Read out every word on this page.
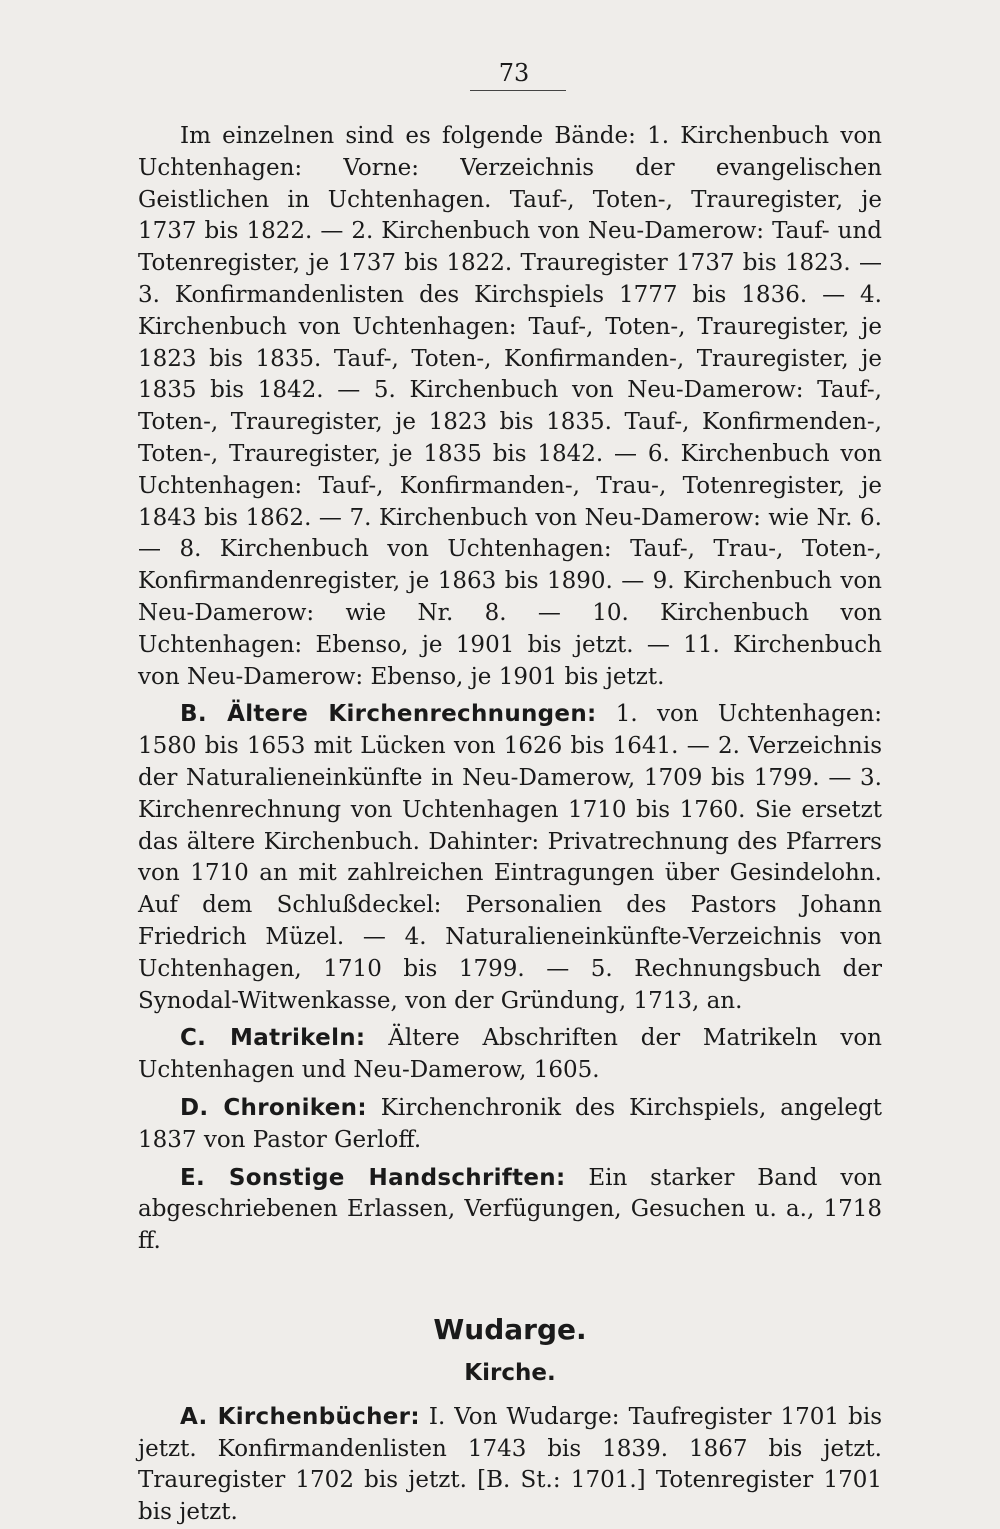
73

Im einzelnen sind es folgende Bände: 1. Kirchenbuch von Uchtenhagen: Vorne: Verzeichnis der evangelischen Geistlichen in Uchtenhagen. Tauf-, Toten-, Trauregister, je 1737 bis 1822. — 2. Kirchenbuch von Neu-Damerow: Tauf- und Totenregister, je 1737 bis 1822. Trauregister 1737 bis 1823. — 3. Konfirmandenlisten des Kirchspiels 1777 bis 1836. — 4. Kirchenbuch von Uchtenhagen: Tauf-, Toten-, Trauregister, je 1823 bis 1835. Tauf-, Toten-, Konfirmanden-, Trauregister, je 1835 bis 1842. — 5. Kirchenbuch von Neu-Damerow: Tauf-, Toten-, Trauregister, je 1823 bis 1835. Tauf-, Konfirmenden-, Toten-, Trauregister, je 1835 bis 1842. — 6. Kirchenbuch von Uchtenhagen: Tauf-, Konfirmanden-, Trau-, Totenregister, je 1843 bis 1862. — 7. Kirchenbuch von Neu-Damerow: wie Nr. 6. — 8. Kirchenbuch von Uchtenhagen: Tauf-, Trau-, Toten-, Konfirmandenregister, je 1863 bis 1890. — 9. Kirchenbuch von Neu-Damerow: wie Nr. 8. — 10. Kirchenbuch von Uchtenhagen: Ebenso, je 1901 bis jetzt. — 11. Kirchenbuch von Neu-Damerow: Ebenso, je 1901 bis jetzt.

B. Ältere Kirchenrechnungen: 1. von Uchtenhagen: 1580 bis 1653 mit Lücken von 1626 bis 1641. — 2. Verzeichnis der Naturalieneinkünfte in Neu-Damerow, 1709 bis 1799. — 3. Kirchenrechnung von Uchtenhagen 1710 bis 1760. Sie ersetzt das ältere Kirchenbuch. Dahinter: Privatrechnung des Pfarrers von 1710 an mit zahlreichen Eintragungen über Gesindelohn. Auf dem Schlußdeckel: Personalien des Pastors Johann Friedrich Müzel. — 4. Naturalieneinkünfte-Verzeichnis von Uchtenhagen, 1710 bis 1799. — 5. Rechnungsbuch der Synodal-Witwenkasse, von der Gründung, 1713, an.

C. Matrikeln: Ältere Abschriften der Matrikeln von Uchtenhagen und Neu-Damerow, 1605.

D. Chroniken: Kirchenchronik des Kirchspiels, angelegt 1837 von Pastor Gerloff.

E. Sonstige Handschriften: Ein starker Band von abgeschriebenen Erlassen, Verfügungen, Gesuchen u. a., 1718 ff.

Wudarge.
Kirche.

A. Kirchenbücher: I. Von Wudarge: Taufregister 1701 bis jetzt. Konfirmandenlisten 1743 bis 1839. 1867 bis jetzt. Trauregister 1702 bis jetzt. [B. St.: 1701.] Totenregister 1701 bis jetzt.
